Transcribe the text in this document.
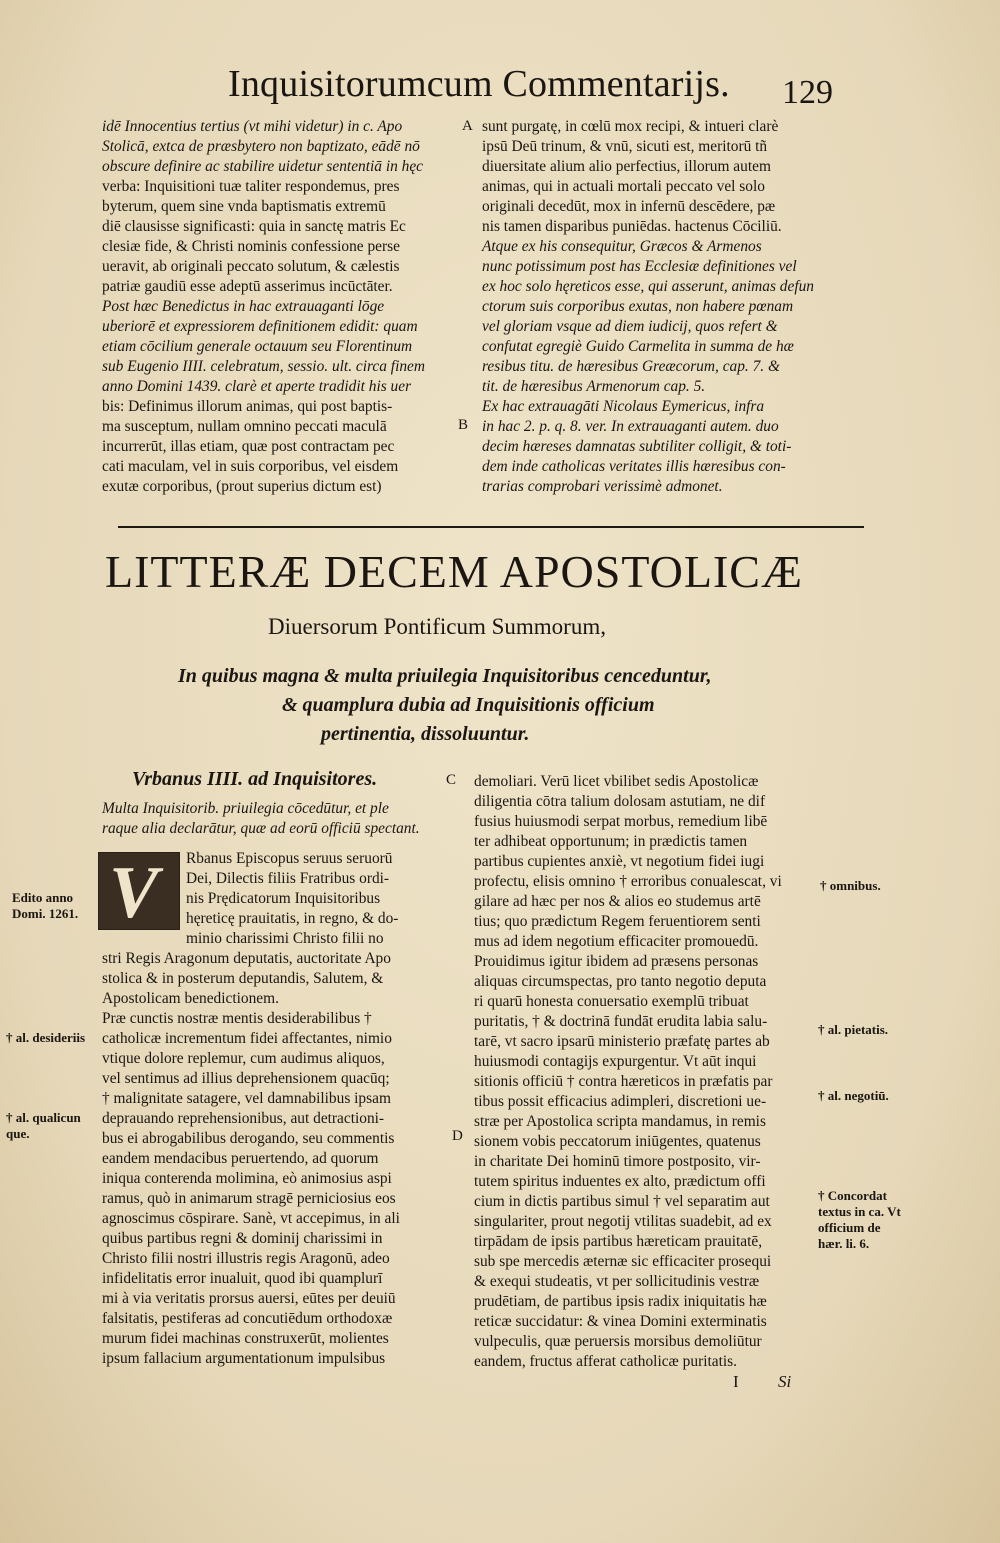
Inquisitorumcum Commentarijs.	129
idē Innocentius tertius (vt mihi videtur) in c. Apo
Stolicā, extca de præsbytero non baptizato, eādē nō
obscure definire ac stabilire uidetur sententiā in hęc
verba: Inquisitioni tuæ taliter respondemus, pres
byterum, quem sine vnda baptismatis extremū
diē clausisse significasti: quia in sanctę matris Ec
clesiæ fide, & Christi nominis confessione perse
ueravit, ab originali peccato solutum, & cælestis
patriæ gaudiū esse adeptū asserimus incūctāter.
Post hæc Benedictus in hac extrauaganti lōge
uberiorē et expressiorem definitionem edidit: quam
etiam cōcilium generale octauum seu Florentinum
sub Eugenio IIII. celebratum, sessio. ult. circa finem
anno Domini 1439. clarè et aperte tradidit his uer
bis: Definimus illorum animas, qui post baptis-
ma susceptum, nullam omnino peccati maculā
incurrerūt, illas etiam, quæ post contractam pec
cati maculam, vel in suis corporibus, vel eisdem
exutæ corporibus, (prout superius dictum est)
A
B
sunt purgatę, in cœlū mox recipi, & intueri clarè
ipsū Deū trinum, & vnū, sicuti est, meritorū tñ
diuersitate alium alio perfectius, illorum autem
animas, qui in actuali mortali peccato vel solo
originali decedūt, mox in infernū descēdere, pæ
nis tamen disparibus puniēdas. hactenus Cōciliū.
Atque ex his consequitur, Græcos & Armenos
nunc potissimum post has Ecclesiæ definitiones vel
ex hoc solo hęreticos esse, qui asserunt, animas defun
ctorum suis corporibus exutas, non habere pœnam
vel gloriam vsque ad diem iudicij, quos refert &
confutat egregiè Guido Carmelita in summa de hæ
resibus titu. de hæresibus Greæcorum, cap. 7. &
tit. de hæresibus Armenorum cap. 5.
Ex hac extrauagāti Nicolaus Eymericus, infra
in hac 2. p. q. 8. ver. In extrauaganti autem. duo
decim hæreses damnatas subtiliter colligit, & toti-
dem inde catholicas veritates illis hæresibus con-
trarias comprobari verissimè admonet.
LITTERÆ DECEM APOSTOLICÆ
Diuersorum Pontificum Summorum,
In quibus magna & multa priuilegia Inquisitoribus cenceduntur,
& quamplura dubia ad Inquisitionis officium
pertinentia, dissoluuntur.
Vrbanus IIII. ad Inquisitores.	C
D
V
Multa Inquisitorib. priuilegia cōcedūtur, et ple
raque alia declarātur, quæ ad eorū officiū spectant.
Rbanus Episcopus seruus seruorū
Dei, Dilectis filiis Fratribus ordi-
nis Prędicatorum Inquisitoribus
hęreticę prauitatis, in regno, & do-
minio charissimi Christo filii no
stri Regis Aragonum deputatis, auctoritate Apo
stolica & in posterum deputandis, Salutem, &
Apostolicam benedictionem.
Præ cunctis nostræ mentis desiderabilibus †
catholicæ incrementum fidei affectantes, nimio
vtique dolore replemur, cum audimus aliquos,
vel sentimus ad illius deprehensionem quacūq;
† malignitate satagere, vel damnabilibus ipsam
deprauando reprehensionibus, aut detractioni-
bus ei abrogabilibus derogando, seu commentis
eandem mendacibus peruertendo, ad quorum
iniqua conterenda molimina, eò animosius aspi
ramus, quò in animarum stragē perniciosius eos
agnoscimus cōspirare. Sanè, vt accepimus, in ali
quibus partibus regni & dominij charissimi in
Christo filii nostri illustris regis Aragonū, adeo
infidelitatis error inualuit, quod ibi quamplurī
mi à via veritatis prorsus auersi, eūtes per deuiū
falsitatis, pestiferas ad concutiēdum orthodoxæ
murum fidei machinas construxerūt, molientes
ipsum fallacium argumentationum impulsibus
demoliari. Verū licet vbilibet sedis Apostolicæ
diligentia cōtra talium dolosam astutiam, ne dif
fusius huiusmodi serpat morbus, remedium libē
ter adhibeat opportunum; in prædictis tamen
partibus cupientes anxiè, vt negotium fidei iugi
profectu, elisis omnino † erroribus conualescat, vi
gilare ad hæc per nos & alios eo studemus artē
tius; quo prædictum Regem feruentiorem senti
mus ad idem negotium efficaciter promouedū.
Prouidimus igitur ibidem ad præsens personas
aliquas circumspectas, pro tanto negotio deputa
ri quarū honesta conuersatio exemplū tribuat
puritatis, † & doctrinā fundāt erudita labia salu-
tarē, vt sacro ipsarū ministerio præfatę partes ab
huiusmodi contagijs expurgentur. Vt aūt inqui
sitionis officiū † contra hæreticos in præfatis par
tibus possit efficacius adimpleri, discretioni ue-
stræ per Apostolica scripta mandamus, in remis
sionem vobis peccatorum iniūgentes, quatenus
in charitate Dei hominū timore postposito, vir-
tutem spiritus induentes ex alto, prædictum offi
cium in dictis partibus simul † vel separatim aut
singulariter, prout negotij vtilitas suadebit, ad ex
tirpādam de ipsis partibus hæreticam prauitatē,
sub spe mercedis æternæ sic efficaciter prosequi
& exequi studeatis, vt per sollicitudinis vestræ
prudētiam, de partibus ipsis radix iniquitatis hæ
reticæ succidatur: & vinea Domini exterminatis
vulpeculis, quæ peruersis morsibus demoliūtur
eandem, fructus afferat catholicæ puritatis.
Edito anno Domi. 1261.
† al. desideriis
† al. qualicun que.
† omnibus.
† al. pietatis.
† al. negotiū.
† Concordat textus in ca. Vt officium de hær. li. 6.
I Si
